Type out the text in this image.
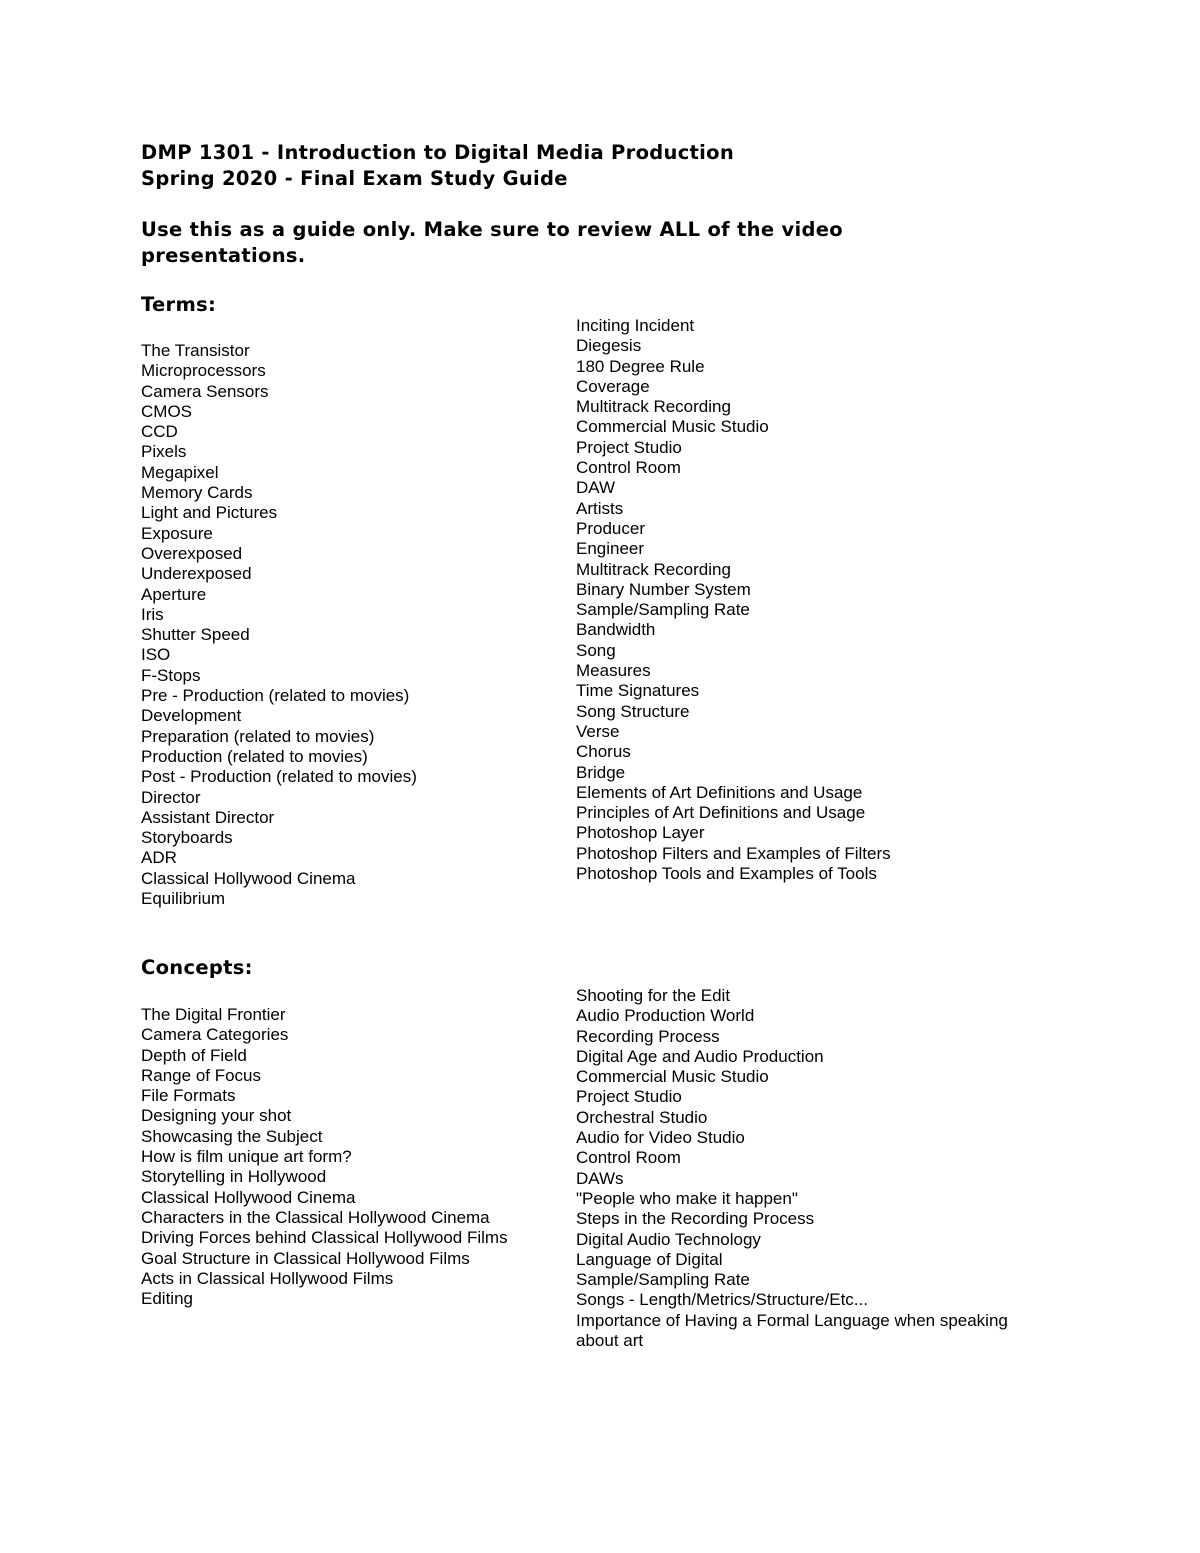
DMP 1301 - Introduction to Digital Media Production
Spring 2020 - Final Exam Study Guide

Use this as a guide only. Make sure to review ALL of the video presentations.

Terms:

The Transistor
Microprocessors
Camera Sensors
CMOS
CCD
Pixels
Megapixel
Memory Cards
Light and Pictures
Exposure
Overexposed
Underexposed
Aperture
Iris
Shutter Speed
ISO
F-Stops
Pre - Production (related to movies)
Development
Preparation (related to movies)
Production (related to movies)
Post - Production (related to movies)
Director
Assistant Director
Storyboards
ADR
Classical Hollywood Cinema
Equilibrium
Inciting Incident
Diegesis
180 Degree Rule
Coverage
Multitrack Recording
Commercial Music Studio
Project Studio
Control Room
DAW
Artists
Producer
Engineer
Multitrack Recording
Binary Number System
Sample/Sampling Rate
Bandwidth
Song
Measures
Time Signatures
Song Structure
Verse
Chorus
Bridge
Elements of Art Definitions and Usage
Principles of Art Definitions and Usage
Photoshop Layer
Photoshop Filters and Examples of Filters
Photoshop Tools and Examples of Tools

Concepts:

The Digital Frontier
Camera Categories
Depth of Field
Range of Focus
File Formats
Designing your shot
Showcasing the Subject
How is film unique art form?
Storytelling in Hollywood
Classical Hollywood Cinema
Characters in the Classical Hollywood Cinema
Driving Forces behind Classical Hollywood Films
Goal Structure in Classical Hollywood Films
Acts in Classical Hollywood Films
Editing
Shooting for the Edit
Audio Production World
Recording Process
Digital Age and Audio Production
Commercial Music Studio
Project Studio
Orchestral Studio
Audio for Video Studio
Control Room
DAWs
"People who make it happen"
Steps in the Recording Process
Digital Audio Technology
Language of Digital
Sample/Sampling Rate
Songs - Length/Metrics/Structure/Etc...
Importance of Having a Formal Language when speaking about art
